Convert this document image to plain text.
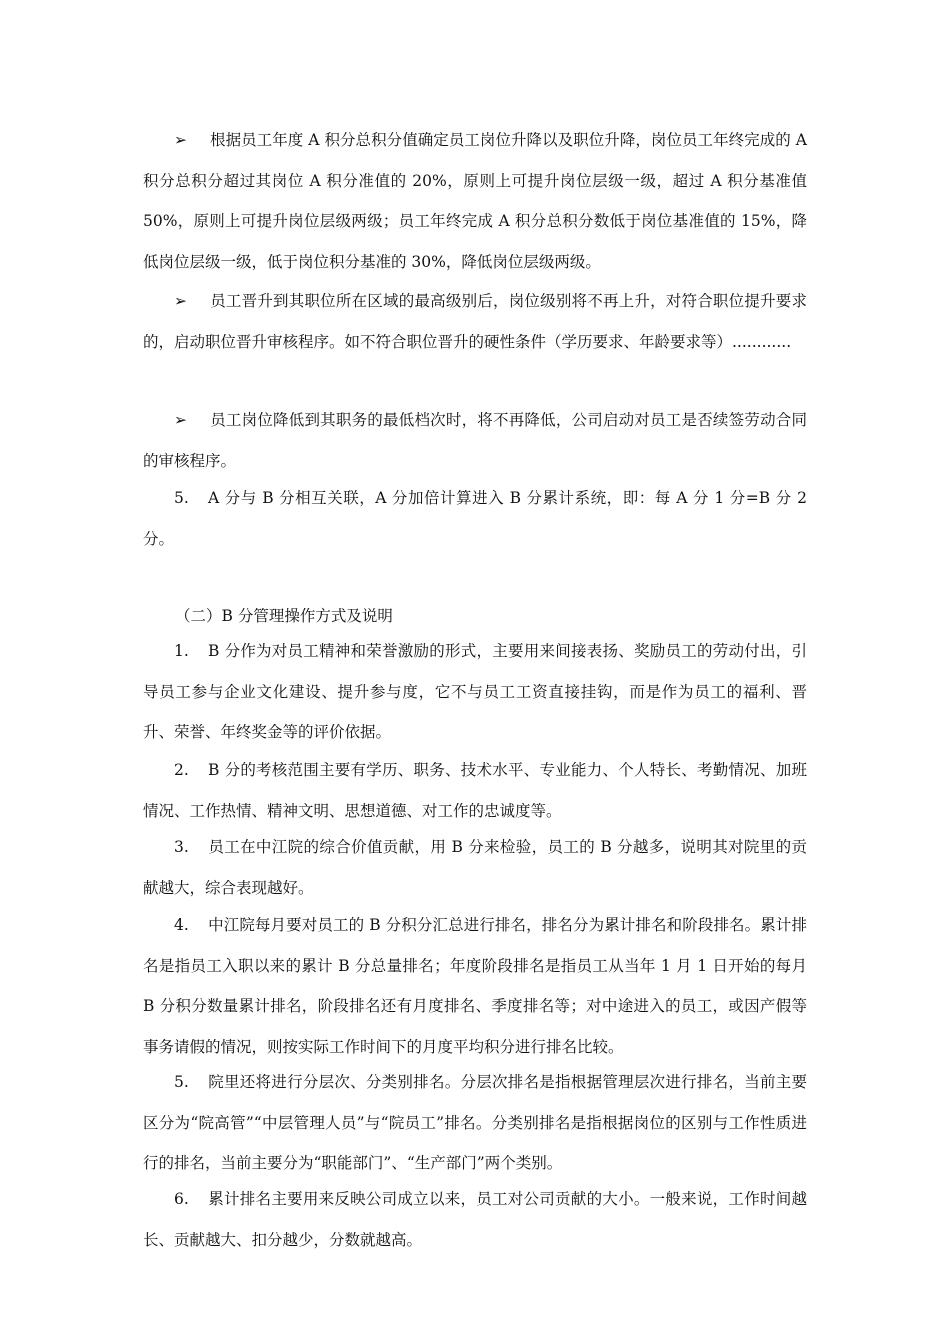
➢ 根据员工年度 A 积分总积分值确定员工岗位升降以及职位升降，岗位员工年终完成的 A 积分总积分超过其岗位 A 积分准值的 20%，原则上可提升岗位层级一级，超过 A 积分基准值 50%，原则上可提升岗位层级两级；员工年终完成 A 积分总积分数低于岗位基准值的 15%，降低岗位层级一级，低于岗位积分基准的 30%，降低岗位层级两级。

➢ 员工晋升到其职位所在区域的最高级别后，岗位级别将不再上升，对符合职位提升要求的，启动职位晋升审核程序。如不符合职位晋升的硬性条件（学历要求、年龄要求等）............

➢ 员工岗位降低到其职务的最低档次时，将不再降低，公司启动对员工是否续签劳动合同的审核程序。

5. A 分与 B 分相互关联，A 分加倍计算进入 B 分累计系统，即：每 A 分 1 分=B 分 2 分。

（二）B 分管理操作方式及说明

1. B 分作为对员工精神和荣誉激励的形式，主要用来间接表扬、奖励员工的劳动付出，引导员工参与企业文化建设、提升参与度，它不与员工工资直接挂钩，而是作为员工的福利、晋升、荣誉、年终奖金等的评价依据。

2. B 分的考核范围主要有学历、职务、技术水平、专业能力、个人特长、考勤情况、加班情况、工作热情、精神文明、思想道德、对工作的忠诚度等。

3. 员工在中江院的综合价值贡献，用 B 分来检验，员工的 B 分越多，说明其对院里的贡献越大，综合表现越好。

4. 中江院每月要对员工的 B 分积分汇总进行排名，排名分为累计排名和阶段排名。累计排名是指员工入职以来的累计 B 分总量排名；年度阶段排名是指员工从当年 1 月 1 日开始的每月 B 分积分数量累计排名，阶段排名还有月度排名、季度排名等；对中途进入的员工，或因产假等事务请假的情况，则按实际工作时间下的月度平均积分进行排名比较。

5. 院里还将进行分层次、分类别排名。分层次排名是指根据管理层次进行排名，当前主要区分为“院高管”“中层管理人员”与“院员工”排名。分类别排名是指根据岗位的区别与工作性质进行的排名，当前主要分为“职能部门”、“生产部门”两个类别。

6. 累计排名主要用来反映公司成立以来，员工对公司贡献的大小。一般来说，工作时间越长、贡献越大、扣分越少，分数就越高。
